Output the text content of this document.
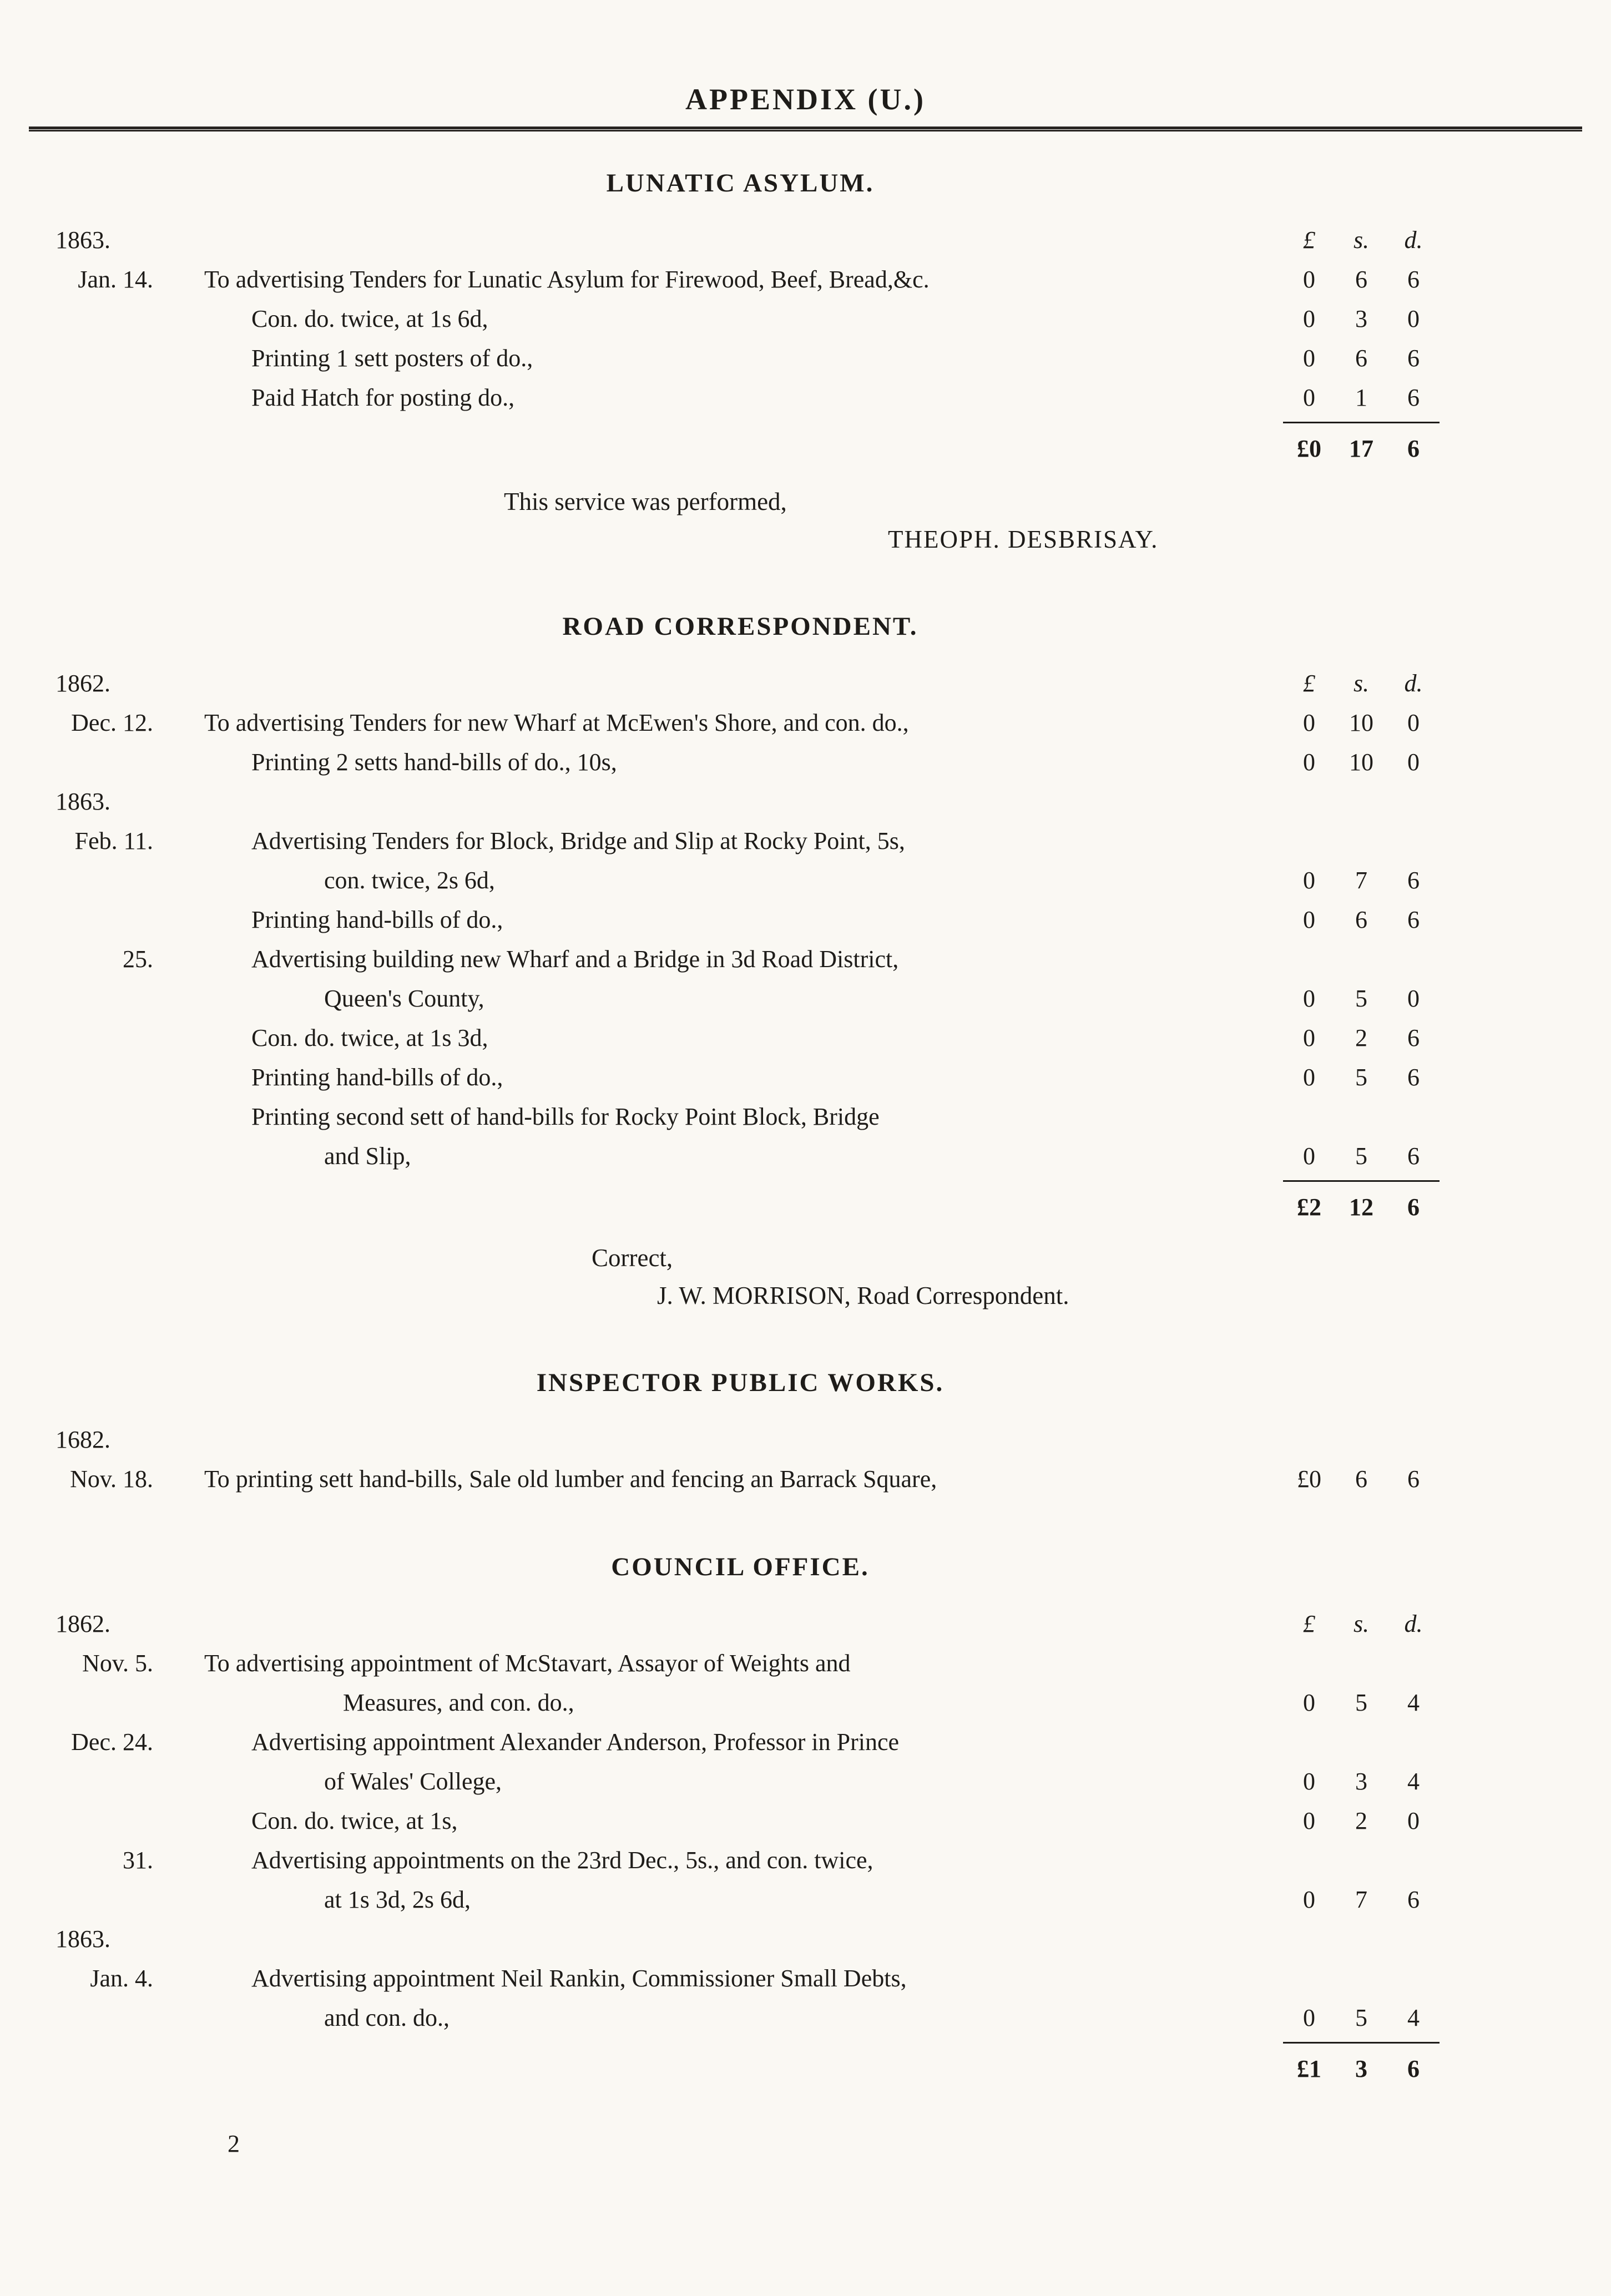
APPENDIX (U.)
LUNATIC ASYLUM.
1863.	£	s.	d.
Jan. 14. To advertising Tenders for Lunatic Asylum for Firewood, Beef, Bread,&c.	0	6	6
Con. do. twice, at 1s 6d,	0	3	0
Printing 1 sett posters of do.,	0	6	6
Paid Hatch for posting do.,	0	1	6
£0	17	6
This service was performed,
THEOPH. DESBRISAY.
ROAD CORRESPONDENT.
1862.	£	s.	d.
Dec. 12. To advertising Tenders for new Wharf at McEwen's Shore, and con. do.,	0	10	0
Printing 2 setts hand-bills of do., 10s,	0	10	0
1863.
Feb. 11.	Advertising Tenders for Block, Bridge and Slip at Rocky Point, 5s,
con. twice, 2s 6d,	0	7	6
Printing hand-bills of do.,	0	6	6
25.	Advertising building new Wharf and a Bridge in 3d Road District,
Queen's County,	0	5	0
Con. do. twice, at 1s 3d,	0	2	6
Printing hand-bills of do.,	0	5	6
Printing second sett of hand-bills for Rocky Point Block, Bridge
and Slip,	0	5	6
£2	12	6
Correct,
J. W. MORRISON, Road Correspondent.
INSPECTOR PUBLIC WORKS.
1682.
Nov. 18. To printing sett hand-bills, Sale old lumber and fencing an Barrack Square,	£0	6	6
COUNCIL OFFICE.
1862.	£	s.	d.
Nov. 5. To advertising appointment of McStavart, Assayor of Weights and
Measures, and con. do.,	0	5	4
Dec. 24.	Advertising appointment Alexander Anderson, Professor in Prince
of Wales' College,	0	3	4
Con. do. twice, at 1s,	0	2	0
31.	Advertising appointments on the 23rd Dec., 5s., and con. twice,
at 1s 3d, 2s 6d,	0	7	6
1863.
Jan. 4.	Advertising appointment Neil Rankin, Commissioner Small Debts,
and con. do.,	0	5	4
£1	3	6
2
